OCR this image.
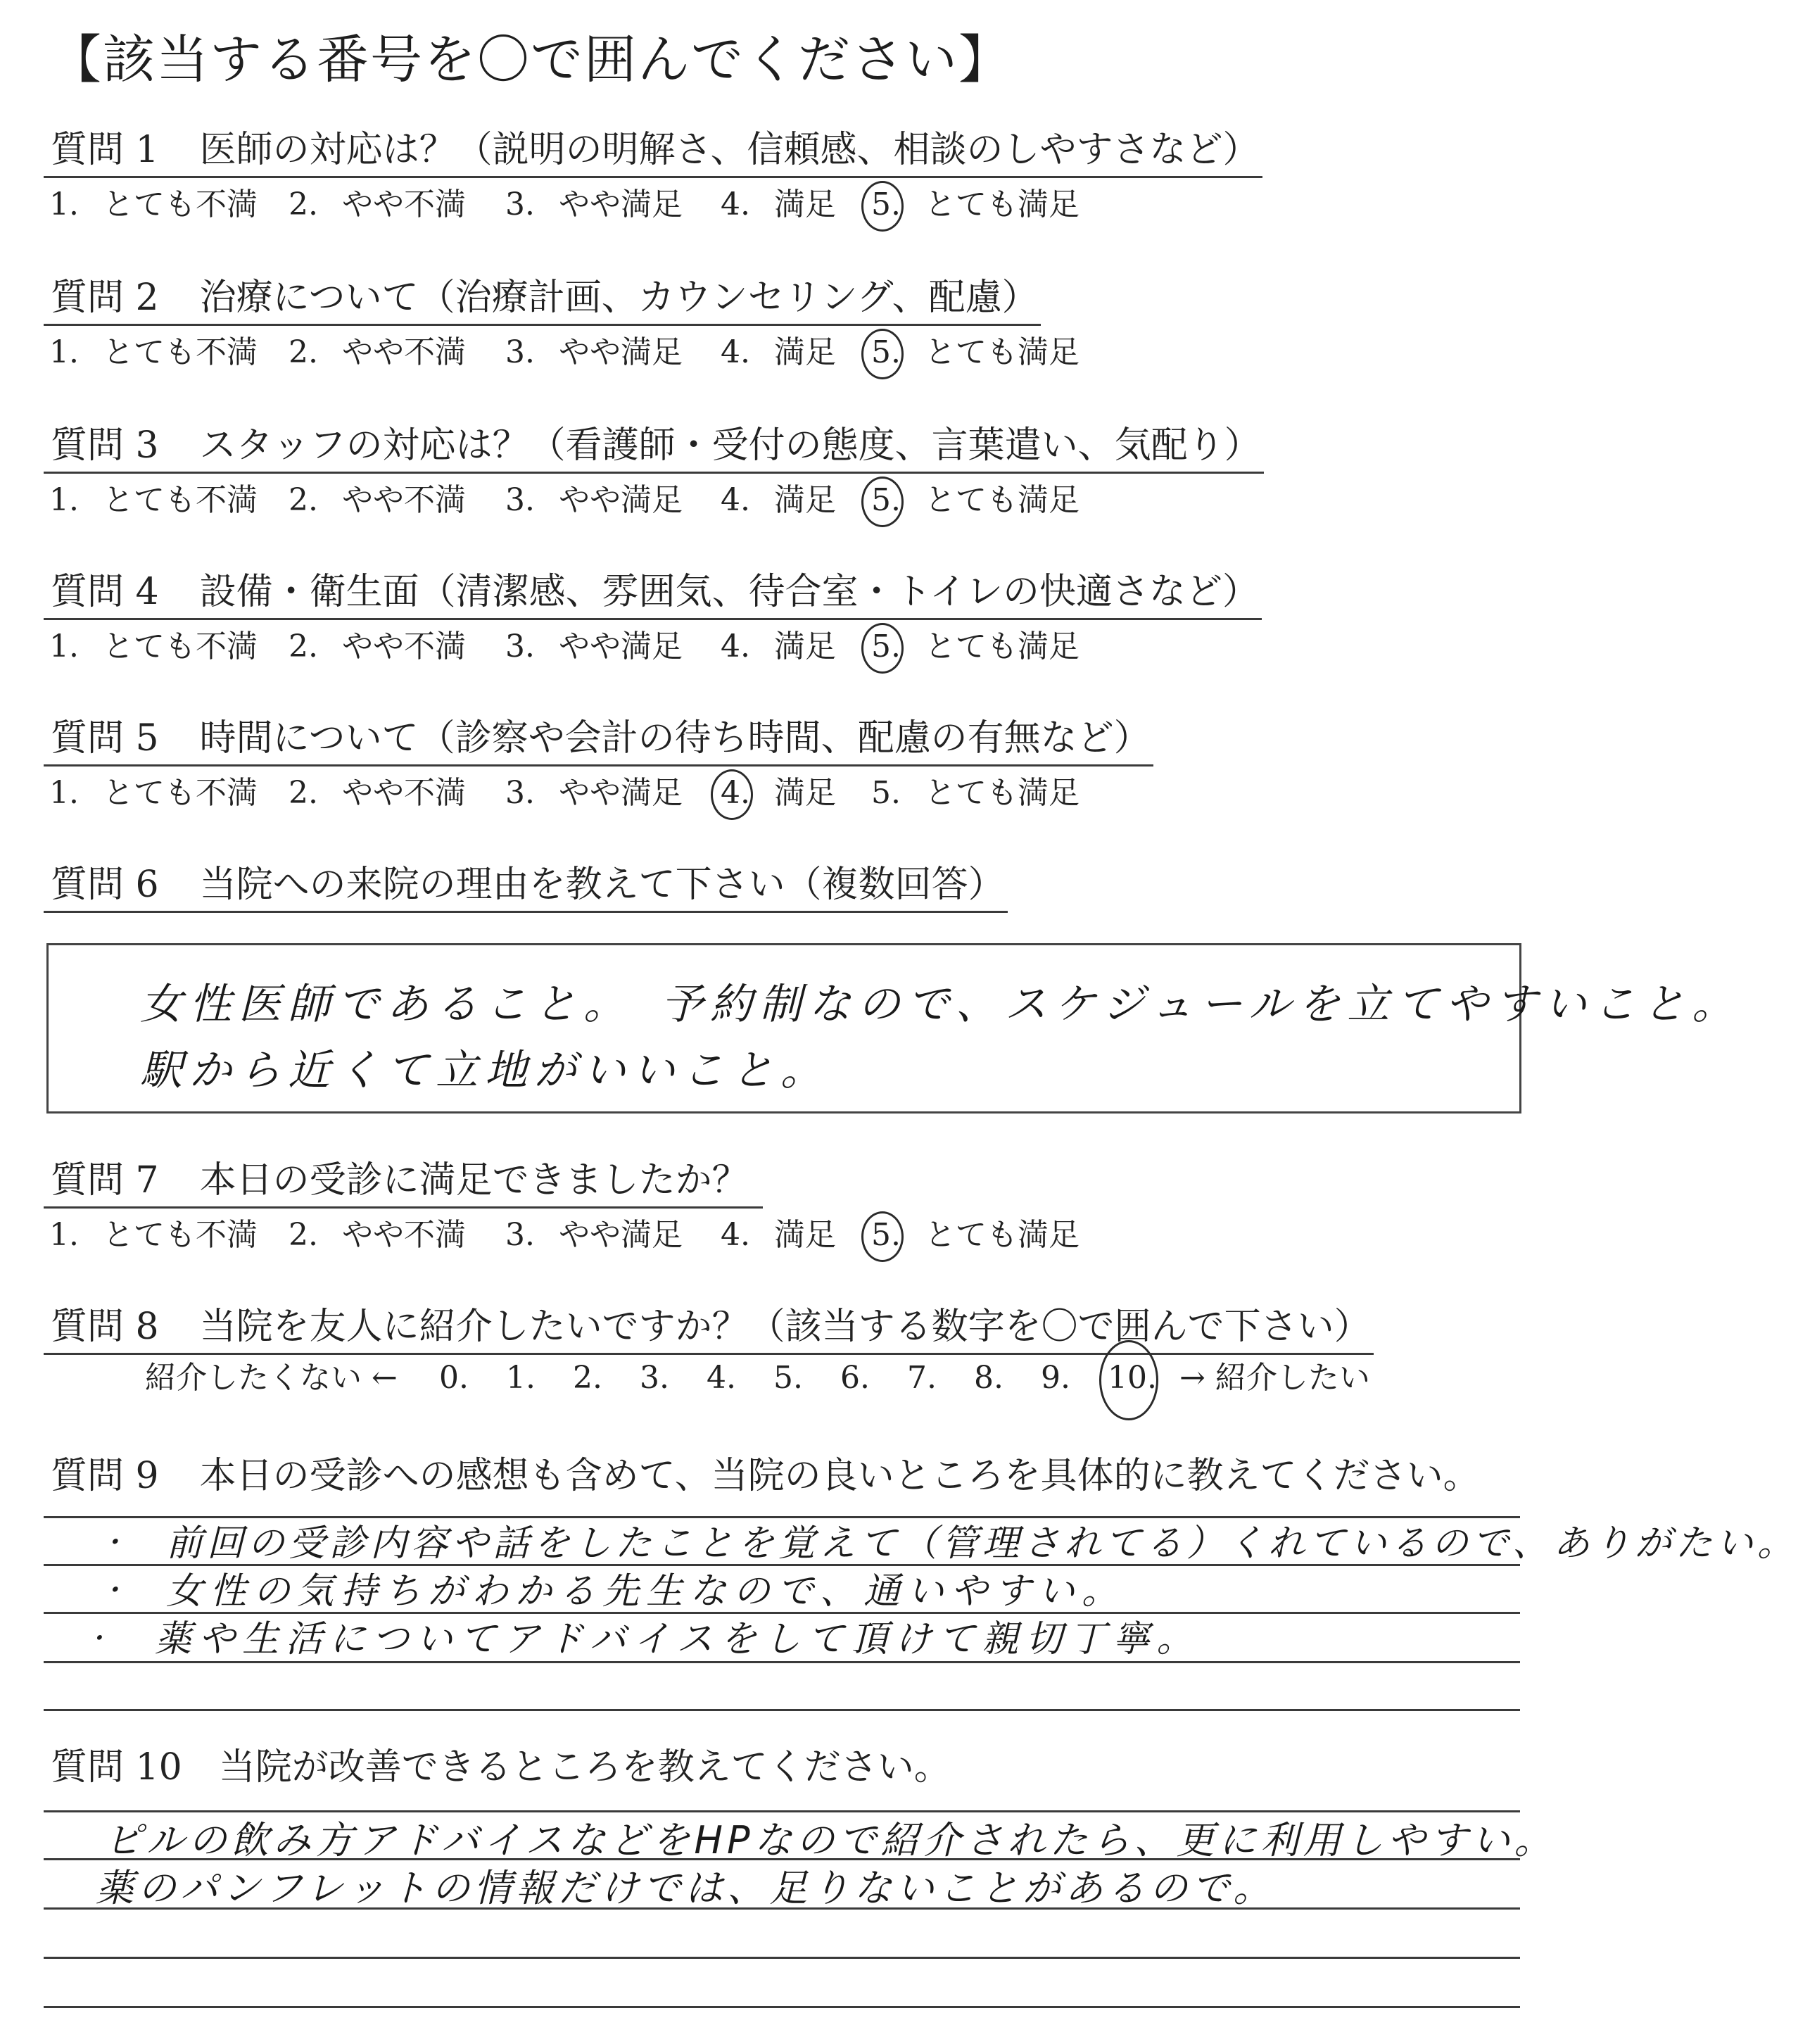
【該当する番号を〇で囲んでください】
質問 1 医師の対応は？（説明の明解さ、信頼感、相談のしやすさなど）
1. とても不満 2. やや不満 3. やや満足 4. 満足 5. とても満足
質問 2 治療について（治療計画、カウンセリング、配慮）
1. とても不満 2. やや不満 3. やや満足 4. 満足 5. とても満足
質問 3 スタッフの対応は？（看護師・受付の態度、言葉遣い、気配り）
1. とても不満 2. やや不満 3. やや満足 4. 満足 5. とても満足
質問 4 設備・衛生面（清潔感、雰囲気、待合室・トイレの快適さなど）
1. とても不満 2. やや不満 3. やや満足 4. 満足 5. とても満足
質問 5 時間について（診察や会計の待ち時間、配慮の有無など）
1. とても不満 2. やや不満 3. やや満足 4. 満足 5. とても満足
質問 6 当院への来院の理由を教えて下さい（複数回答）
女性医師であること。　予約制なので、スケジュールを立てやすいこと。
駅から近くて立地がいいこと。
質問 7 本日の受診に満足できましたか？
1. とても不満 2. やや不満 3. やや満足 4. 満足 5. とても満足
質問 8 当院を友人に紹介したいですか？（該当する数字を〇で囲んで下さい）
紹介したくない ←	→ 紹介したい
0. 1. 2. 3. 4. 5. 6. 7. 8. 9. 10.
質問 9 本日の受診への感想も含めて、当院の良いところを具体的に教えてください。
・ 前回の受診内容や話をしたことを覚えて（管理されてる）くれているので、ありがたい。
・ 女性の気持ちがわかる先生なので、通いやすい。
・ 薬や生活についてアドバイスをして頂けて親切丁寧。
質問 10 当院が改善できるところを教えてください。
ピルの飲み方アドバイスなどをHPなので紹介されたら、更に利用しやすい。
薬のパンフレットの情報だけでは、足りないことがあるので。
